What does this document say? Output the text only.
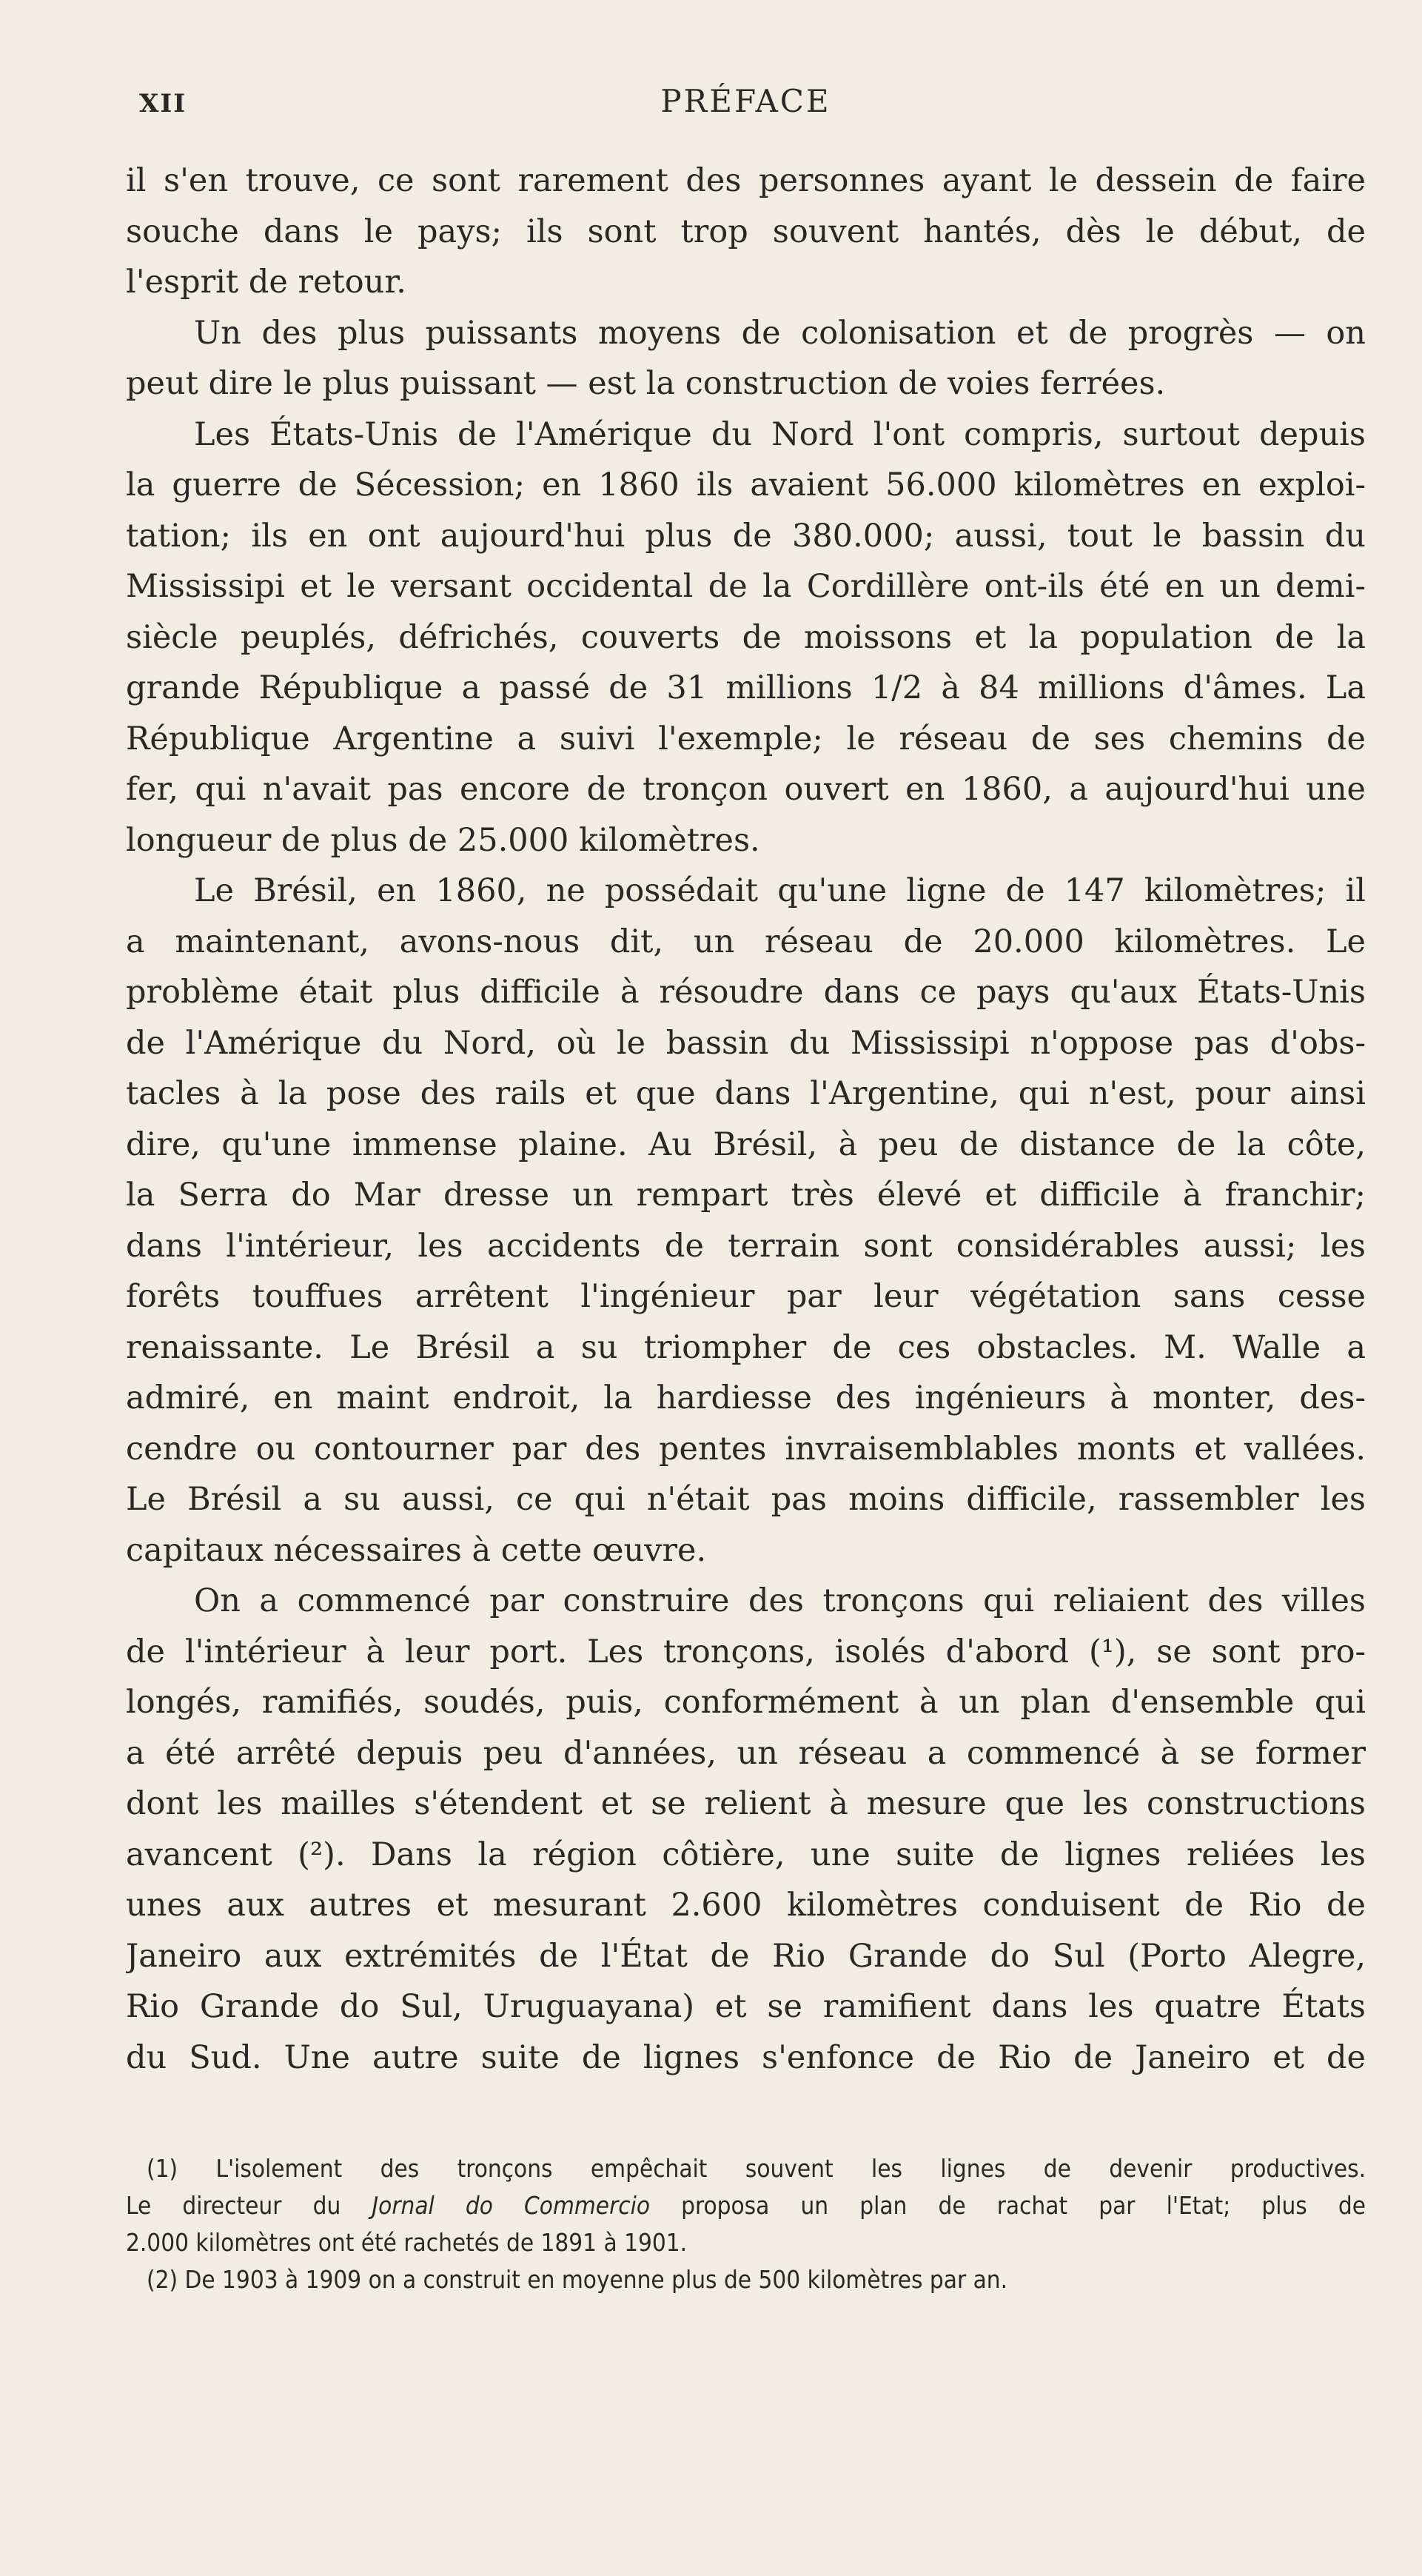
XII	PRÉFACE
il s'en trouve, ce sont rarement des personnes ayant le dessein de faire
souche dans le pays; ils sont trop souvent hantés, dès le début, de
l'esprit de retour.
Un des plus puissants moyens de colonisation et de progrès — on
peut dire le plus puissant — est la construction de voies ferrées.
Les États-Unis de l'Amérique du Nord l'ont compris, surtout depuis
la guerre de Sécession; en 1860 ils avaient 56.000 kilomètres en exploi-
tation; ils en ont aujourd'hui plus de 380.000; aussi, tout le bassin du
Mississipi et le versant occidental de la Cordillère ont-ils été en un demi-
siècle peuplés, défrichés, couverts de moissons et la population de la
grande République a passé de 31 millions 1/2 à 84 millions d'âmes. La
République Argentine a suivi l'exemple; le réseau de ses chemins de
fer, qui n'avait pas encore de tronçon ouvert en 1860, a aujourd'hui une
longueur de plus de 25.000 kilomètres.
Le Brésil, en 1860, ne possédait qu'une ligne de 147 kilomètres; il
a maintenant, avons-nous dit, un réseau de 20.000 kilomètres. Le
problème était plus difficile à résoudre dans ce pays qu'aux États-Unis
de l'Amérique du Nord, où le bassin du Mississipi n'oppose pas d'obs-
tacles à la pose des rails et que dans l'Argentine, qui n'est, pour ainsi
dire, qu'une immense plaine. Au Brésil, à peu de distance de la côte,
la Serra do Mar dresse un rempart très élevé et difficile à franchir;
dans l'intérieur, les accidents de terrain sont considérables aussi; les
forêts touffues arrêtent l'ingénieur par leur végétation sans cesse
renaissante. Le Brésil a su triompher de ces obstacles. M. Walle a
admiré, en maint endroit, la hardiesse des ingénieurs à monter, des-
cendre ou contourner par des pentes invraisemblables monts et vallées.
Le Brésil a su aussi, ce qui n'était pas moins difficile, rassembler les
capitaux nécessaires à cette œuvre.
On a commencé par construire des tronçons qui reliaient des villes
de l'intérieur à leur port. Les tronçons, isolés d'abord (¹), se sont pro-
longés, ramifiés, soudés, puis, conformément à un plan d'ensemble qui
a été arrêté depuis peu d'années, un réseau a commencé à se former
dont les mailles s'étendent et se relient à mesure que les constructions
avancent (²). Dans la région côtière, une suite de lignes reliées les
unes aux autres et mesurant 2.600 kilomètres conduisent de Rio de
Janeiro aux extrémités de l'État de Rio Grande do Sul (Porto Alegre,
Rio Grande do Sul, Uruguayana) et se ramifient dans les quatre États
du Sud. Une autre suite de lignes s'enfonce de Rio de Janeiro et de
(1) L'isolement des tronçons empêchait souvent les lignes de devenir productives.
Le directeur du Jornal do Commercio proposa un plan de rachat par l'Etat; plus de
2.000 kilomètres ont été rachetés de 1891 à 1901.
(2) De 1903 à 1909 on a construit en moyenne plus de 500 kilomètres par an.
